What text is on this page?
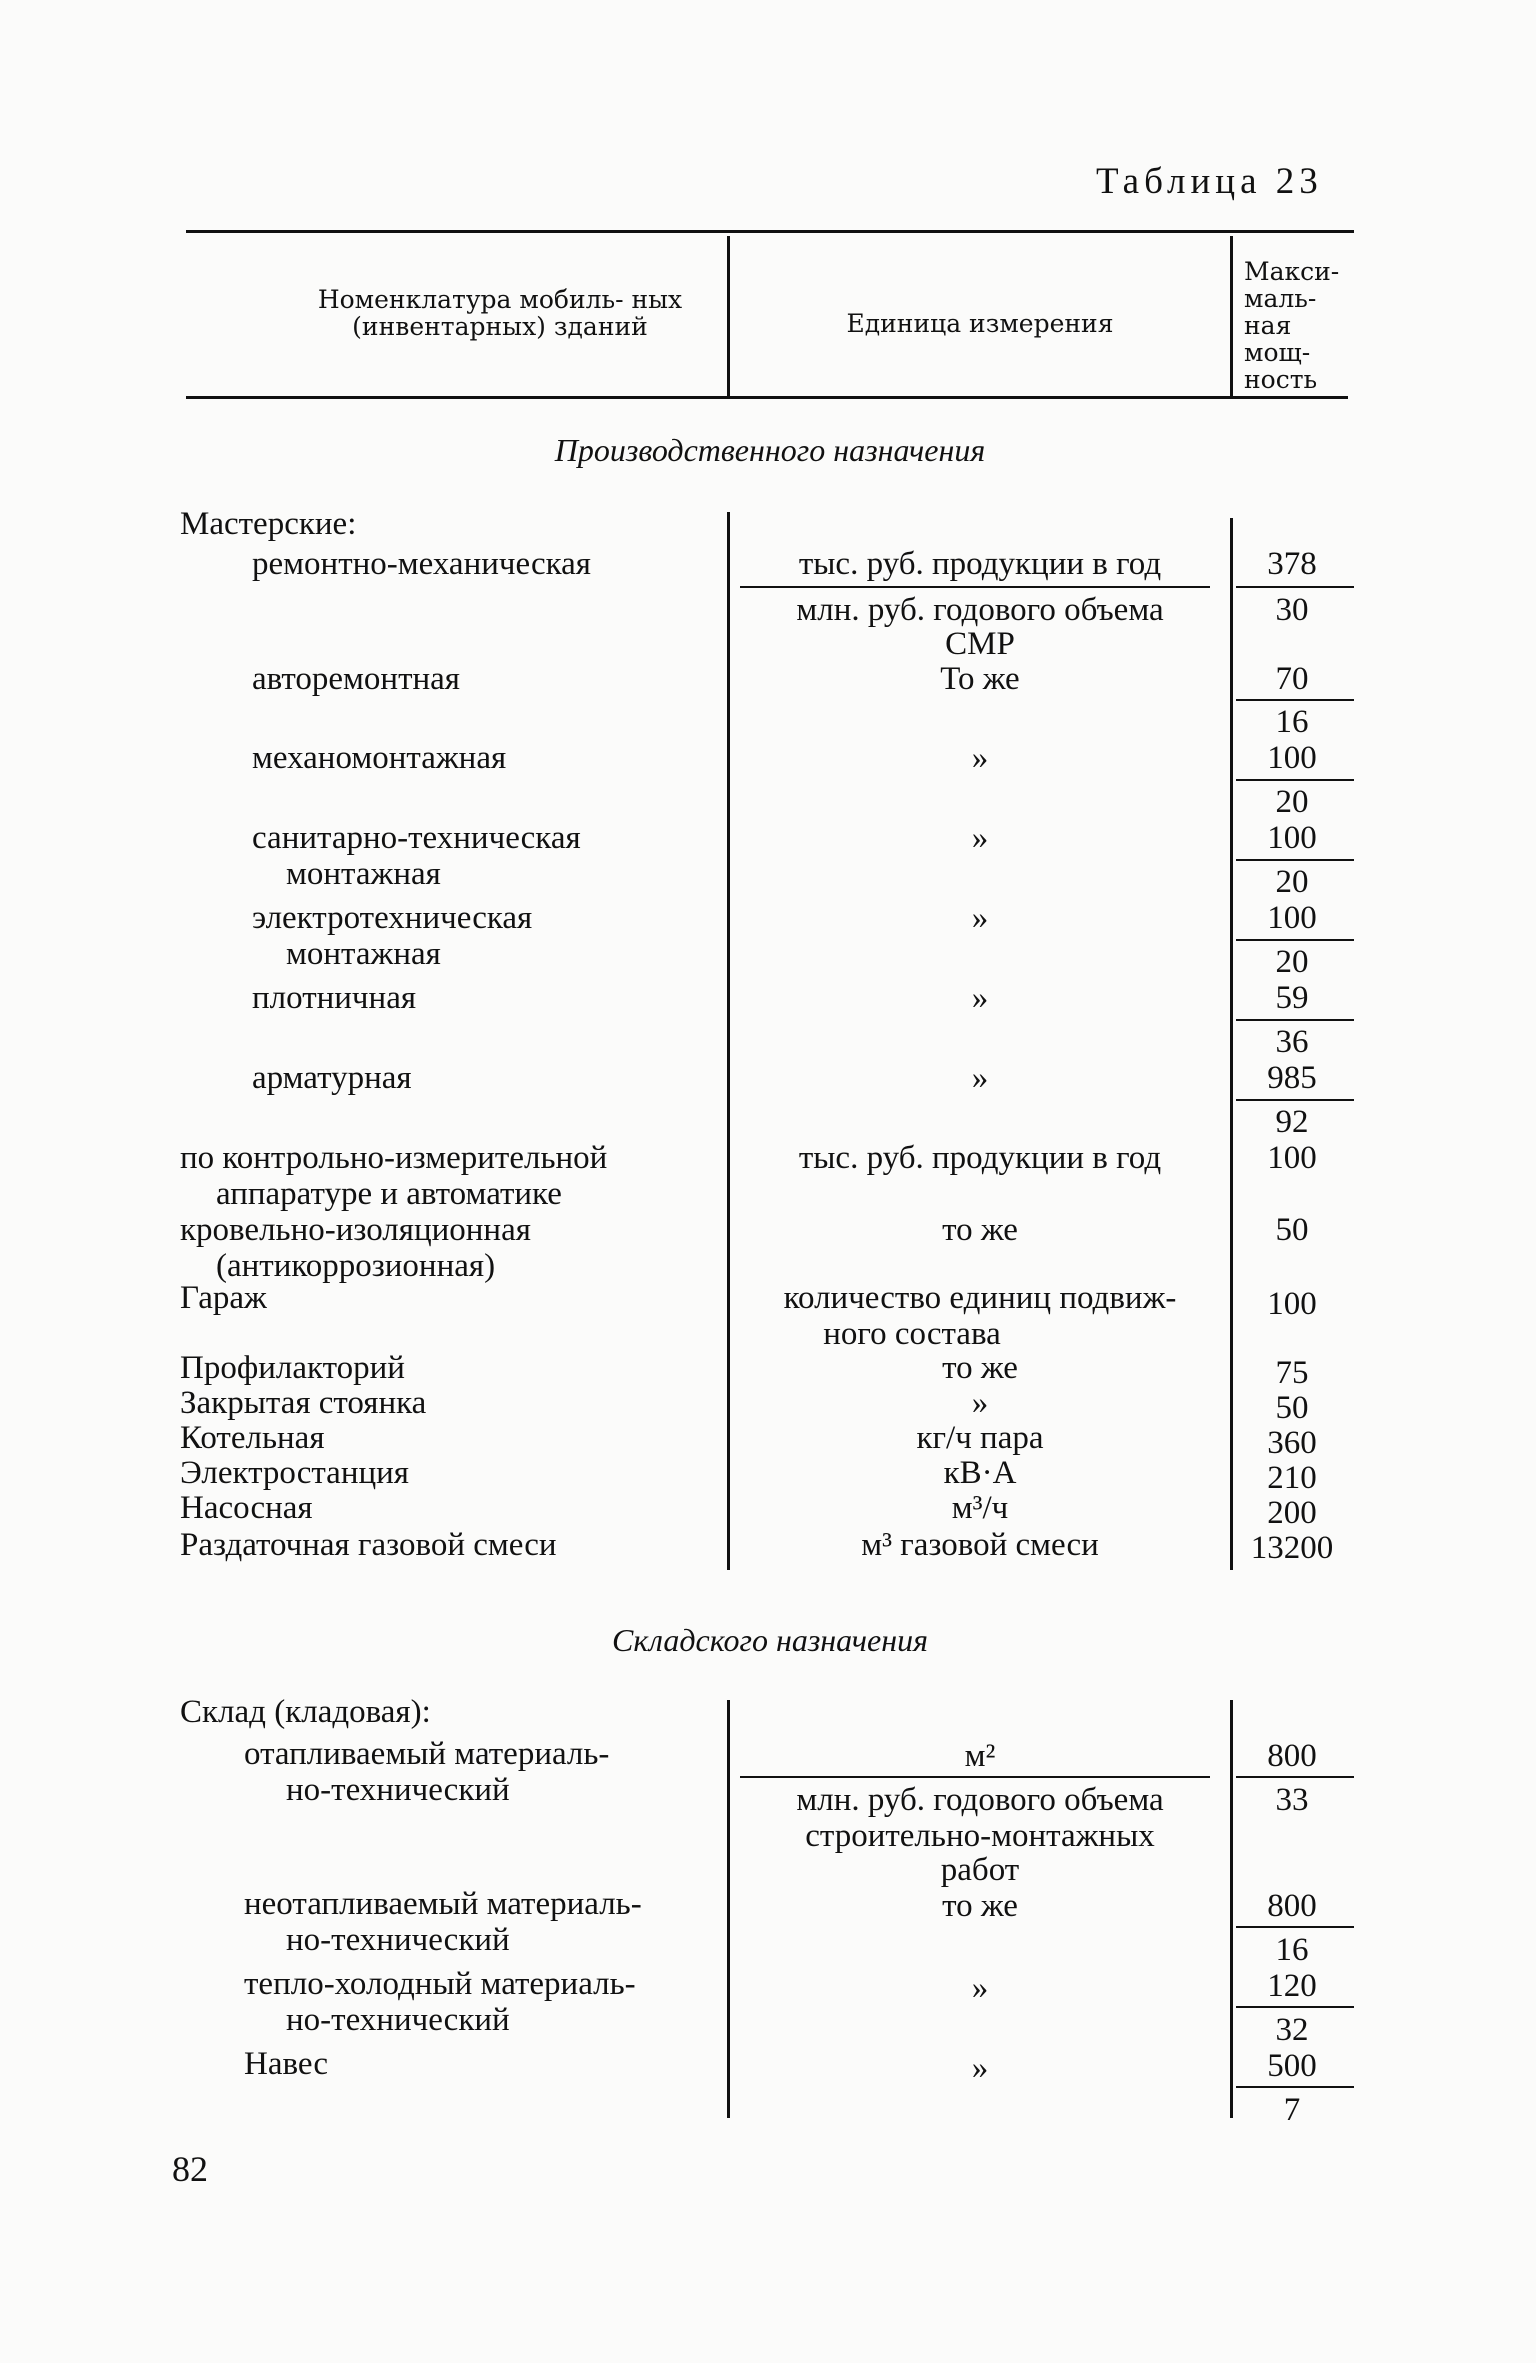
Таблица 23
Номенклатура мобиль- ных (инвентарных) зданий	Единица измерения
Макси- маль- ная мощ- ность
Производственного назначения
Мастерские:
ремонтно-механическая
авторемонтная
механомонтажная
санитарно-техническая
монтажная
электротехническая
монтажная
плотничная
арматурная
по контрольно-измерительной
аппаратуре и автоматике
кровельно-изоляционная
(антикоррозионная)
Гараж
Профилакторий
Закрытая стоянка
Котельная
Электростанция
Насосная
Раздаточная газовой смеси
тыс. руб. продукции в год
млн. руб. годового объема
СМР
То же
»
»
»
»
»
тыс. руб. продукции в год
то же
количество единиц подвиж-
ного состава
то же
»
кг/ч пара
кВ·А
м³/ч
м³ газовой смеси
378
30
70
16
100
20
100
20
100
20
59
36
985
92
100
50
100
75
50
360
210
200
13200
Складского назначения
Склад (кладовая):
отапливаемый материаль-
но-технический
неотапливаемый материаль-
но-технический
тепло-холодный материаль-
но-технический
Навес
м²
млн. руб. годового объема
строительно-монтажных
работ
то же
»
»
800
33
800
16
120
32
500
7
82
